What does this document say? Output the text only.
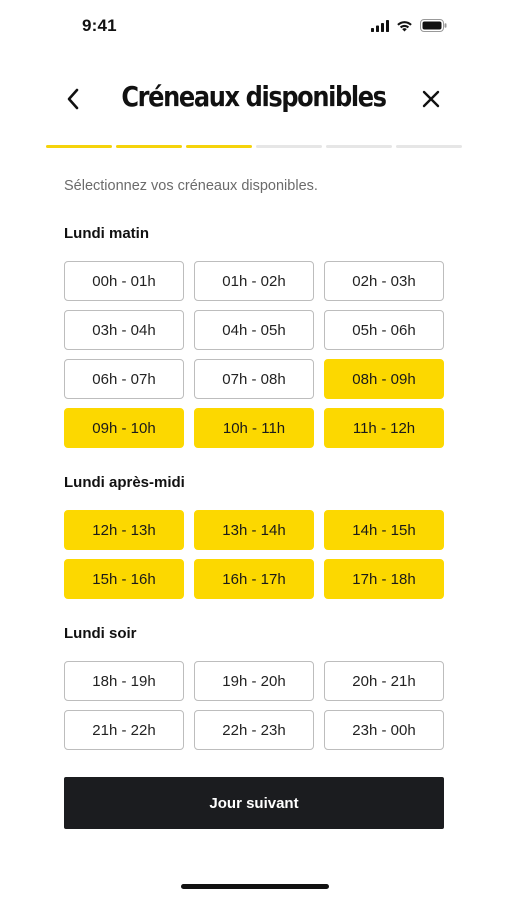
9:41
Créneaux disponibles

Sélectionnez vos créneaux disponibles.

Lundi matin
00h - 01h	01h - 02h	02h - 03h
03h - 04h	04h - 05h	05h - 06h
06h - 07h	07h - 08h	08h - 09h
09h - 10h	10h - 11h	11h - 12h
Lundi après-midi
12h - 13h	13h - 14h	14h - 15h
15h - 16h	16h - 17h	17h - 18h
Lundi soir
18h - 19h	19h - 20h	20h - 21h
21h - 22h	22h - 23h	23h - 00h
Jour suivant
